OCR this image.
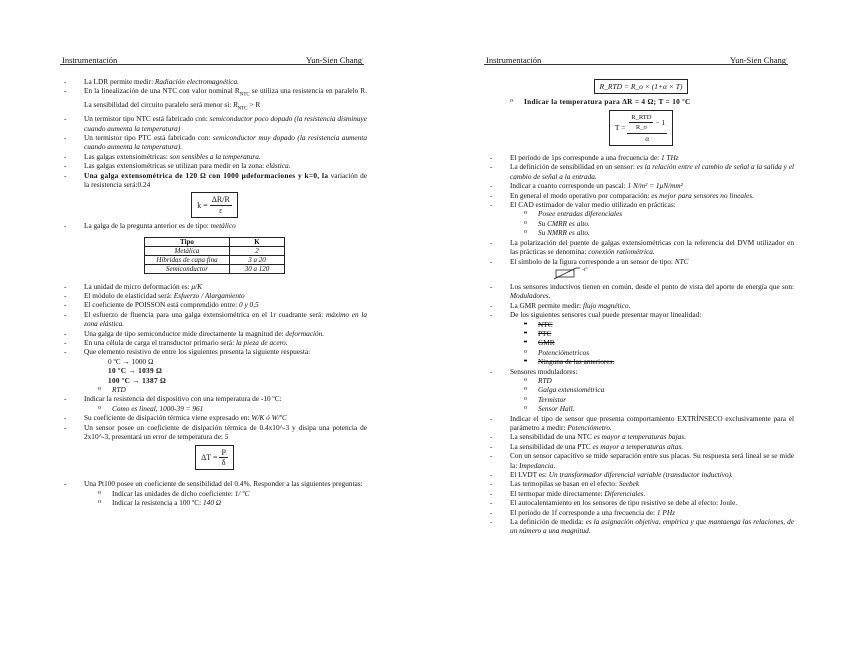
Instrumentación	Yun-Sien Chang
-	La LDR permite medir: Radiación electromagnética.
-	En la linealización de una NTC con valor nominal $R_{NTC}$ se utiliza una resistencia en paralelo R. La sensibilidad del circuito paralelo será menor si: $R_{NTC} > R$
-	Un termistor tipo NTC está fabricado con: semiconductor poco dopado (la resistencia disminuye cuando aumenta la temperatura)
-	Un termistor tipo PTC está fabricado con: semiconductor muy dopado (la resistencia aumenta cuando aumenta la temperatura).
-	Las galgas extensiométricas: son sensibles a la temperatura.
-	Las galgas extensiométricas se utilizan para medir en la zona: elástica.
-	Una galga extensométrica de 120 Ω con 1000 μdeformaciones y k=0, la variación de la resistencia será:0.24
k =
$\frac{\Delta R/R}{\varepsilon}$
-	La galga de la pregunta anterior es de tipo: metálico
Tipo	K
Metálica	2
Híbridas de capa fina	3 a 20
Semiconductor	30 a 120
-	La unidad de micro deformación es: μ/K
-	El módulo de elasticidad será: Esfuerzo / Alargamiento
-	El coeficiente de POISSON está comprendido entre: 0 y 0,5
-	El esfuerzo de fluencia para una galga extensiométrica en el 1r cuadrante será: máximo en la zona elástica.
-	Una galga de tipo semiconductor mide directamente la magnitud de: deformación.
-	En una célula de carga el transductor primario será: la pieza de acero.
-	Que elemento resistivo de entre los siguientes presenta la siguiente respuesta:
0 ºC → 1000 Ω
10 ºC → 1039 Ω
100 ºC → 1387 Ω
o	RTD
-	Indicar la resistencia del dispositivo con una temperatura de -10 ºC:
o	Como es lineal, 1000-39 = 961
-	Su coeficiente de disipación térmica viene expresado en: W/K ó W/ºC
-	Un sensor posee un coeficiente de disipación térmica de 0.4x10^-3 y disipa una potencia de 2x10^-3, presentará un error de temperatura de: 5
ΔT =
$\frac{P}{\delta}$
-	Una Pt100 posee un coeficiente de sensibilidad del 0.4%. Responder a las siguientes preguntas:
o	Indicar las unidades de dicho coeficiente: 1/ ºC
o	Indicar la resistencia a 100 ºC: 140 Ω
Instrumentación	Yun-Sien Chang
R_RTD = R_o × (1+α × T)
o	Indicar la temperatura para ΔR = 4 Ω; T = 10 ºC
T =
$\frac{\text{R\_RTD}}{R\_o}$
− 1
α
-	El período de 1ps corresponde a una frecuencia de: 1 THz
-	La definición de sensibilidad en un sensor: es la relación entre el cambio de señal a la salida y el cambio de señal a la entrada.
-	Indicar a cuanto corresponde un pascal: 1 N/m² = 1μN/mm²
-	En general el modo operativo por comparación: es mejor para sensores no lineales.
-	El CAD estimador de valor medio utilizado en prácticas:
o	Posee entradas diferenciales
o	Su CMRR es alto.
o	Su NMRR es alto.
-	La polarización del puente de galgas extensiométricas con la referencia del DVM utilizador en las prácticas se denomina: conexión ratiométrica.
-	El símbolo de la figura corresponde a un sensor de tipo: NTC
-t°
-	Los sensores inductivos tienen en común, desde el punto de vista del aporte de energía que son: Moduladores.
-	La GMR permite medir: flujo magnético.
-	De los siguientes sensores cual puede presentar mayor linealidad:
o	NTC
o	PTC
o	GMR
o	Potenciómetricos
o	Ninguna de las anteriores.
-	Sensores moduladores:
o	RTD
o	Galga extensiométrica
o	Termistor
o	Sensor Hall.
-	Indicar el tipo de sensor que presenta comportamiento EXTRÍNSECO exclusivamente para el parámetro a medir: Potenciómetro.
-	La sensibilidad de una NTC es mayor a temperaturas bajas.
-	La sensibilidad de una PTC es mayor a temperaturas altas.
-	Con un sensor capacitivo se mide separación entre sus placas. Su respuesta será lineal se se mide la: Impedancia.
-	El LVDT es: Un transformador diferencial variable (transductor inductivo).
-	Las termopilas se basan en el efecto: Seebek
-	El termopar mide directamente: Diferenciales.
-	El autocalentamiento en los sensores de tipo resistivo se debe al efecto: Joule.
-	El período de 1f corresponde a una frecuencia de: 1 PHz
-	La definición de medida: es la asignación objetiva, empírica y que mantaenga las relaciones, de un número a una magnitud.
